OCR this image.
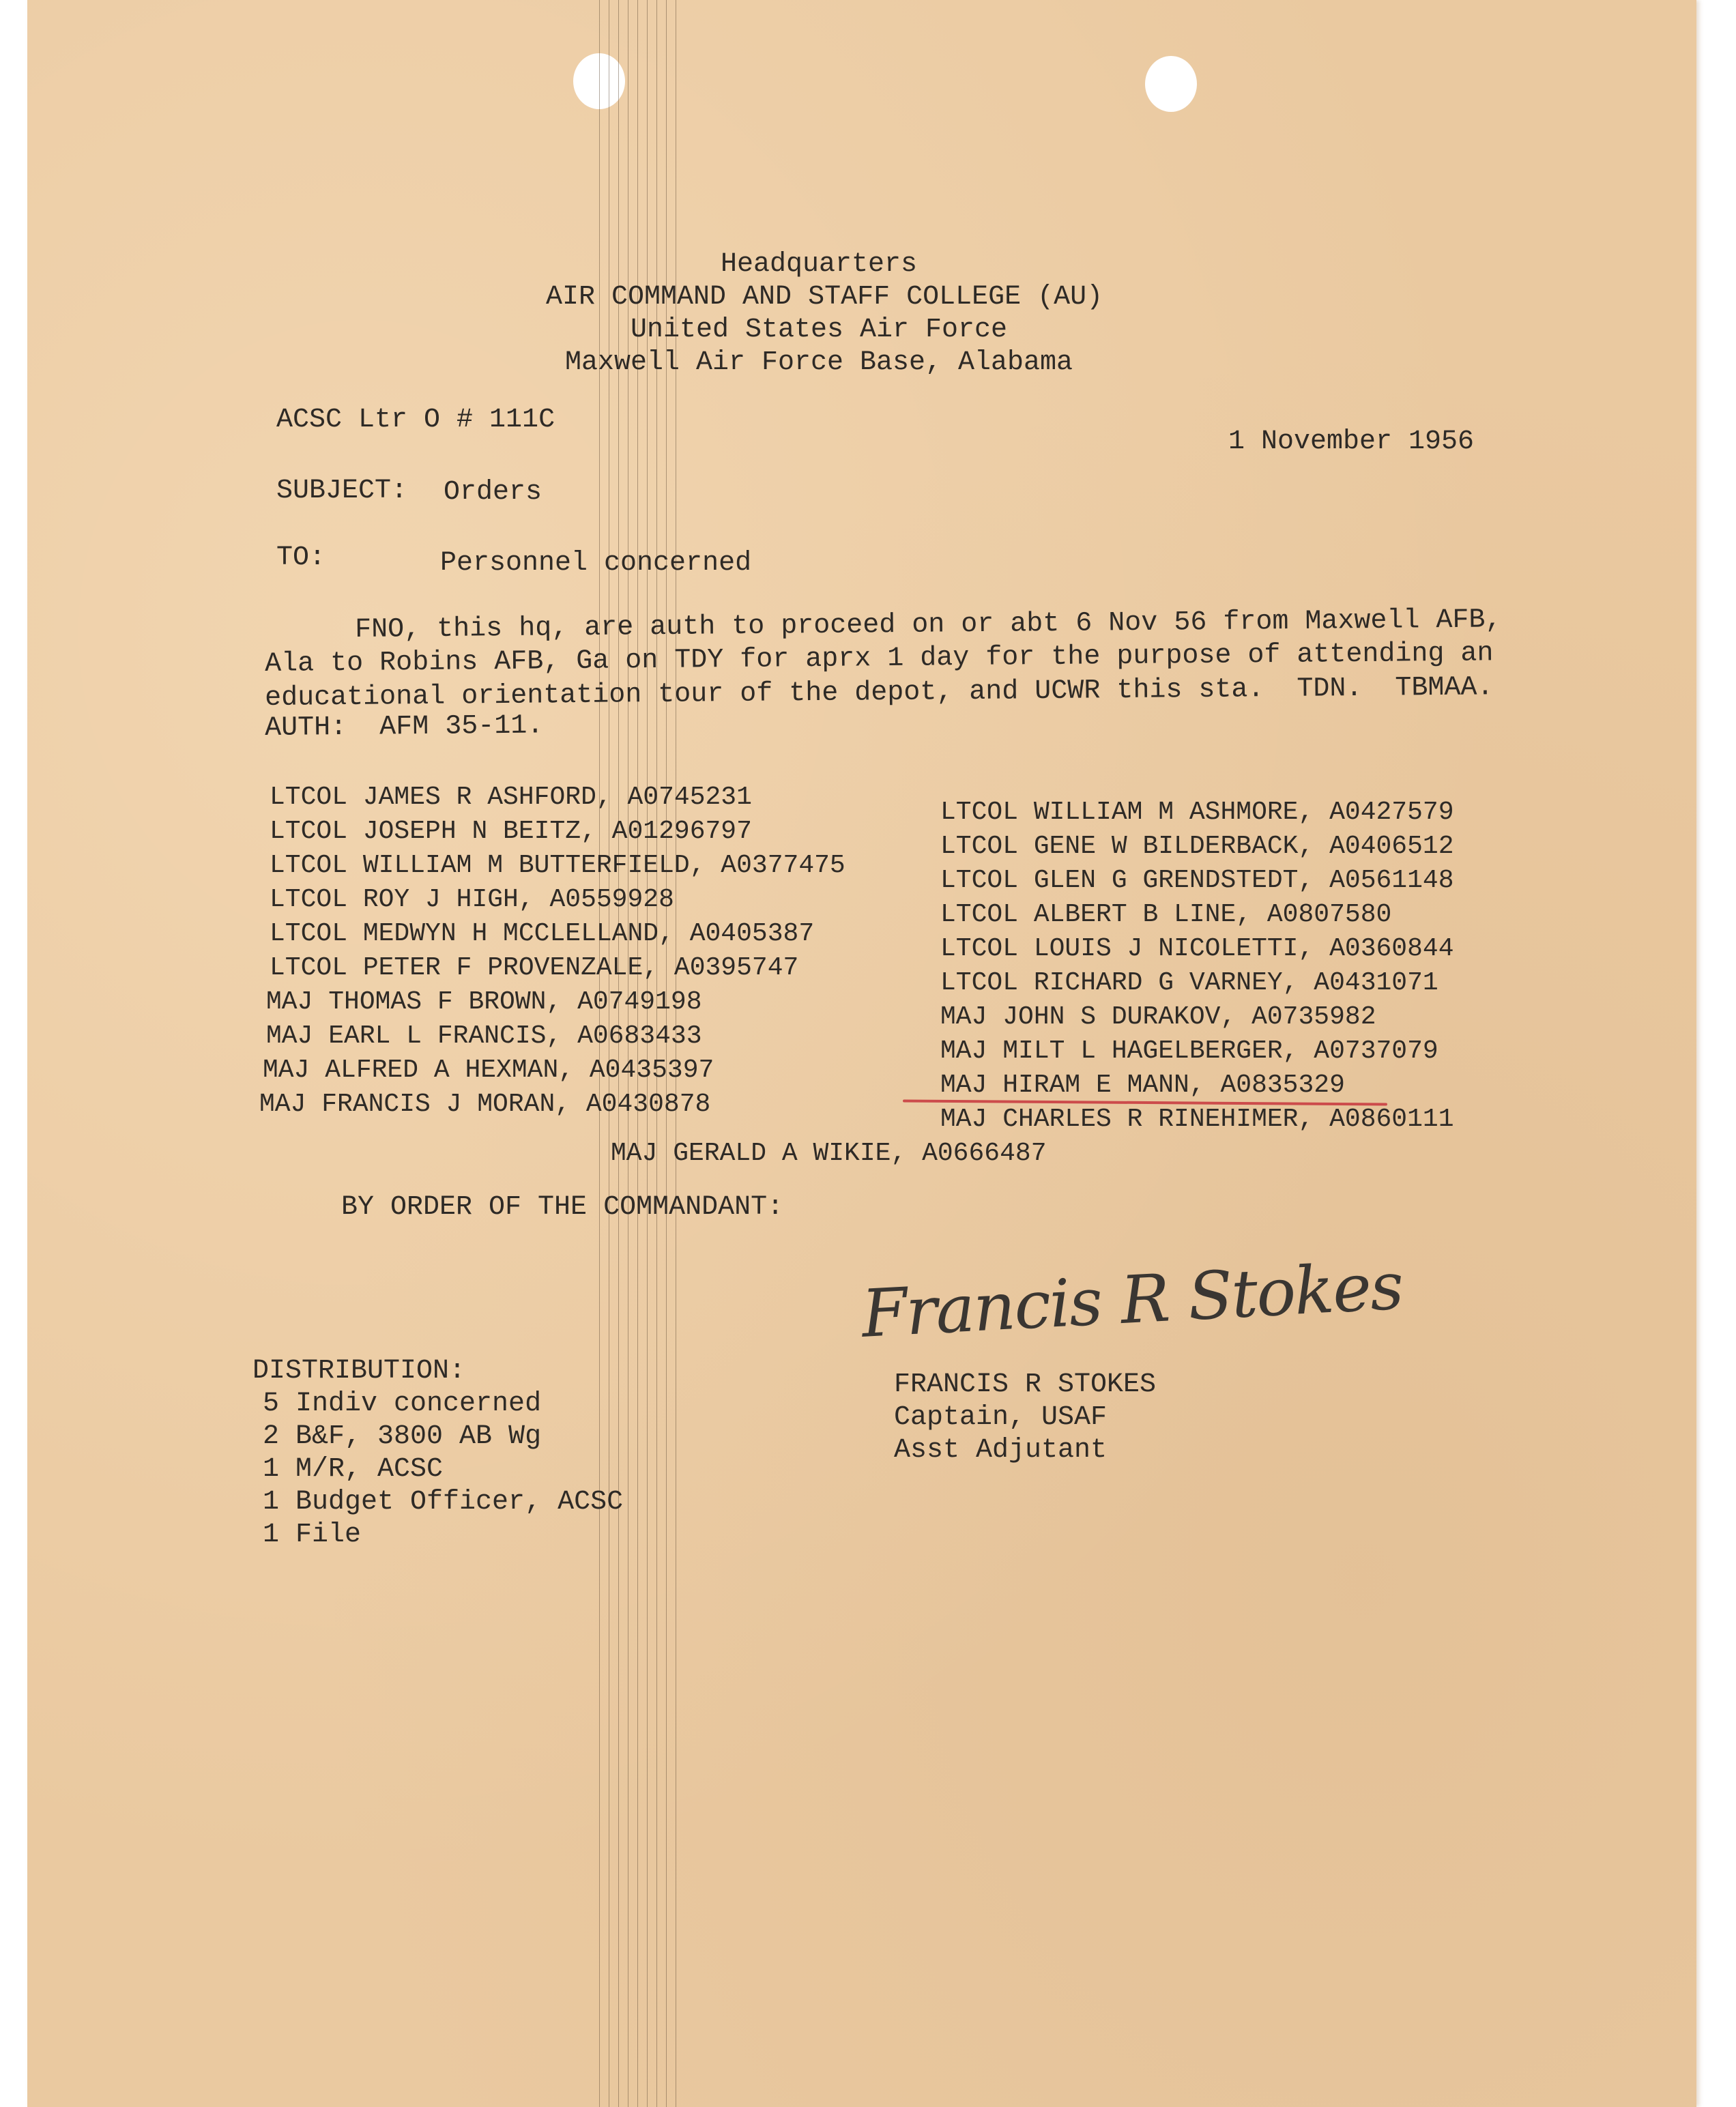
Headquarters
AIR COMMAND AND STAFF COLLEGE (AU)
United States Air Force
Maxwell Air Force Base, Alabama
ACSC Ltr O # 111C
1 November 1956
SUBJECT: Orders
TO:	Personnel concerned
FNO, this hq, are auth to proceed on or abt 6 Nov 56 from Maxwell AFB,
Ala to Robins AFB, Ga on TDY for aprx 1 day for the purpose of attending an
educational orientation tour of the depot, and UCWR this sta.  TDN.  TBMAA.
AUTH:  AFM 35-11.
LTCOL JAMES R ASHFORD, A0745231
LTCOL JOSEPH N BEITZ, A01296797
LTCOL WILLIAM M BUTTERFIELD, A0377475
LTCOL ROY J HIGH, A0559928
LTCOL MEDWYN H MCCLELLAND, A0405387
LTCOL PETER F PROVENZALE, A0395747
MAJ THOMAS F BROWN, A0749198
MAJ EARL L FRANCIS, A0683433
MAJ ALFRED A HEXMAN, A0435397
MAJ FRANCIS J MORAN, A0430878
LTCOL WILLIAM M ASHMORE, A0427579
LTCOL GENE W BILDERBACK, A0406512
LTCOL GLEN G GRENDSTEDT, A0561148
LTCOL ALBERT B LINE, A0807580
LTCOL LOUIS J NICOLETTI, A0360844
LTCOL RICHARD G VARNEY, A0431071
MAJ JOHN S DURAKOV, A0735982
MAJ MILT L HAGELBERGER, A0737079
MAJ HIRAM E MANN, A0835329
MAJ CHARLES R RINEHIMER, A0860111
MAJ GERALD A WIKIE, A0666487
BY ORDER OF THE COMMANDANT:
Francis R Stokes
FRANCIS R STOKES
Captain, USAF
Asst Adjutant
DISTRIBUTION:
5 Indiv concerned
2 B&F, 3800 AB Wg
1 M/R, ACSC
1 Budget Officer, ACSC
1 File
